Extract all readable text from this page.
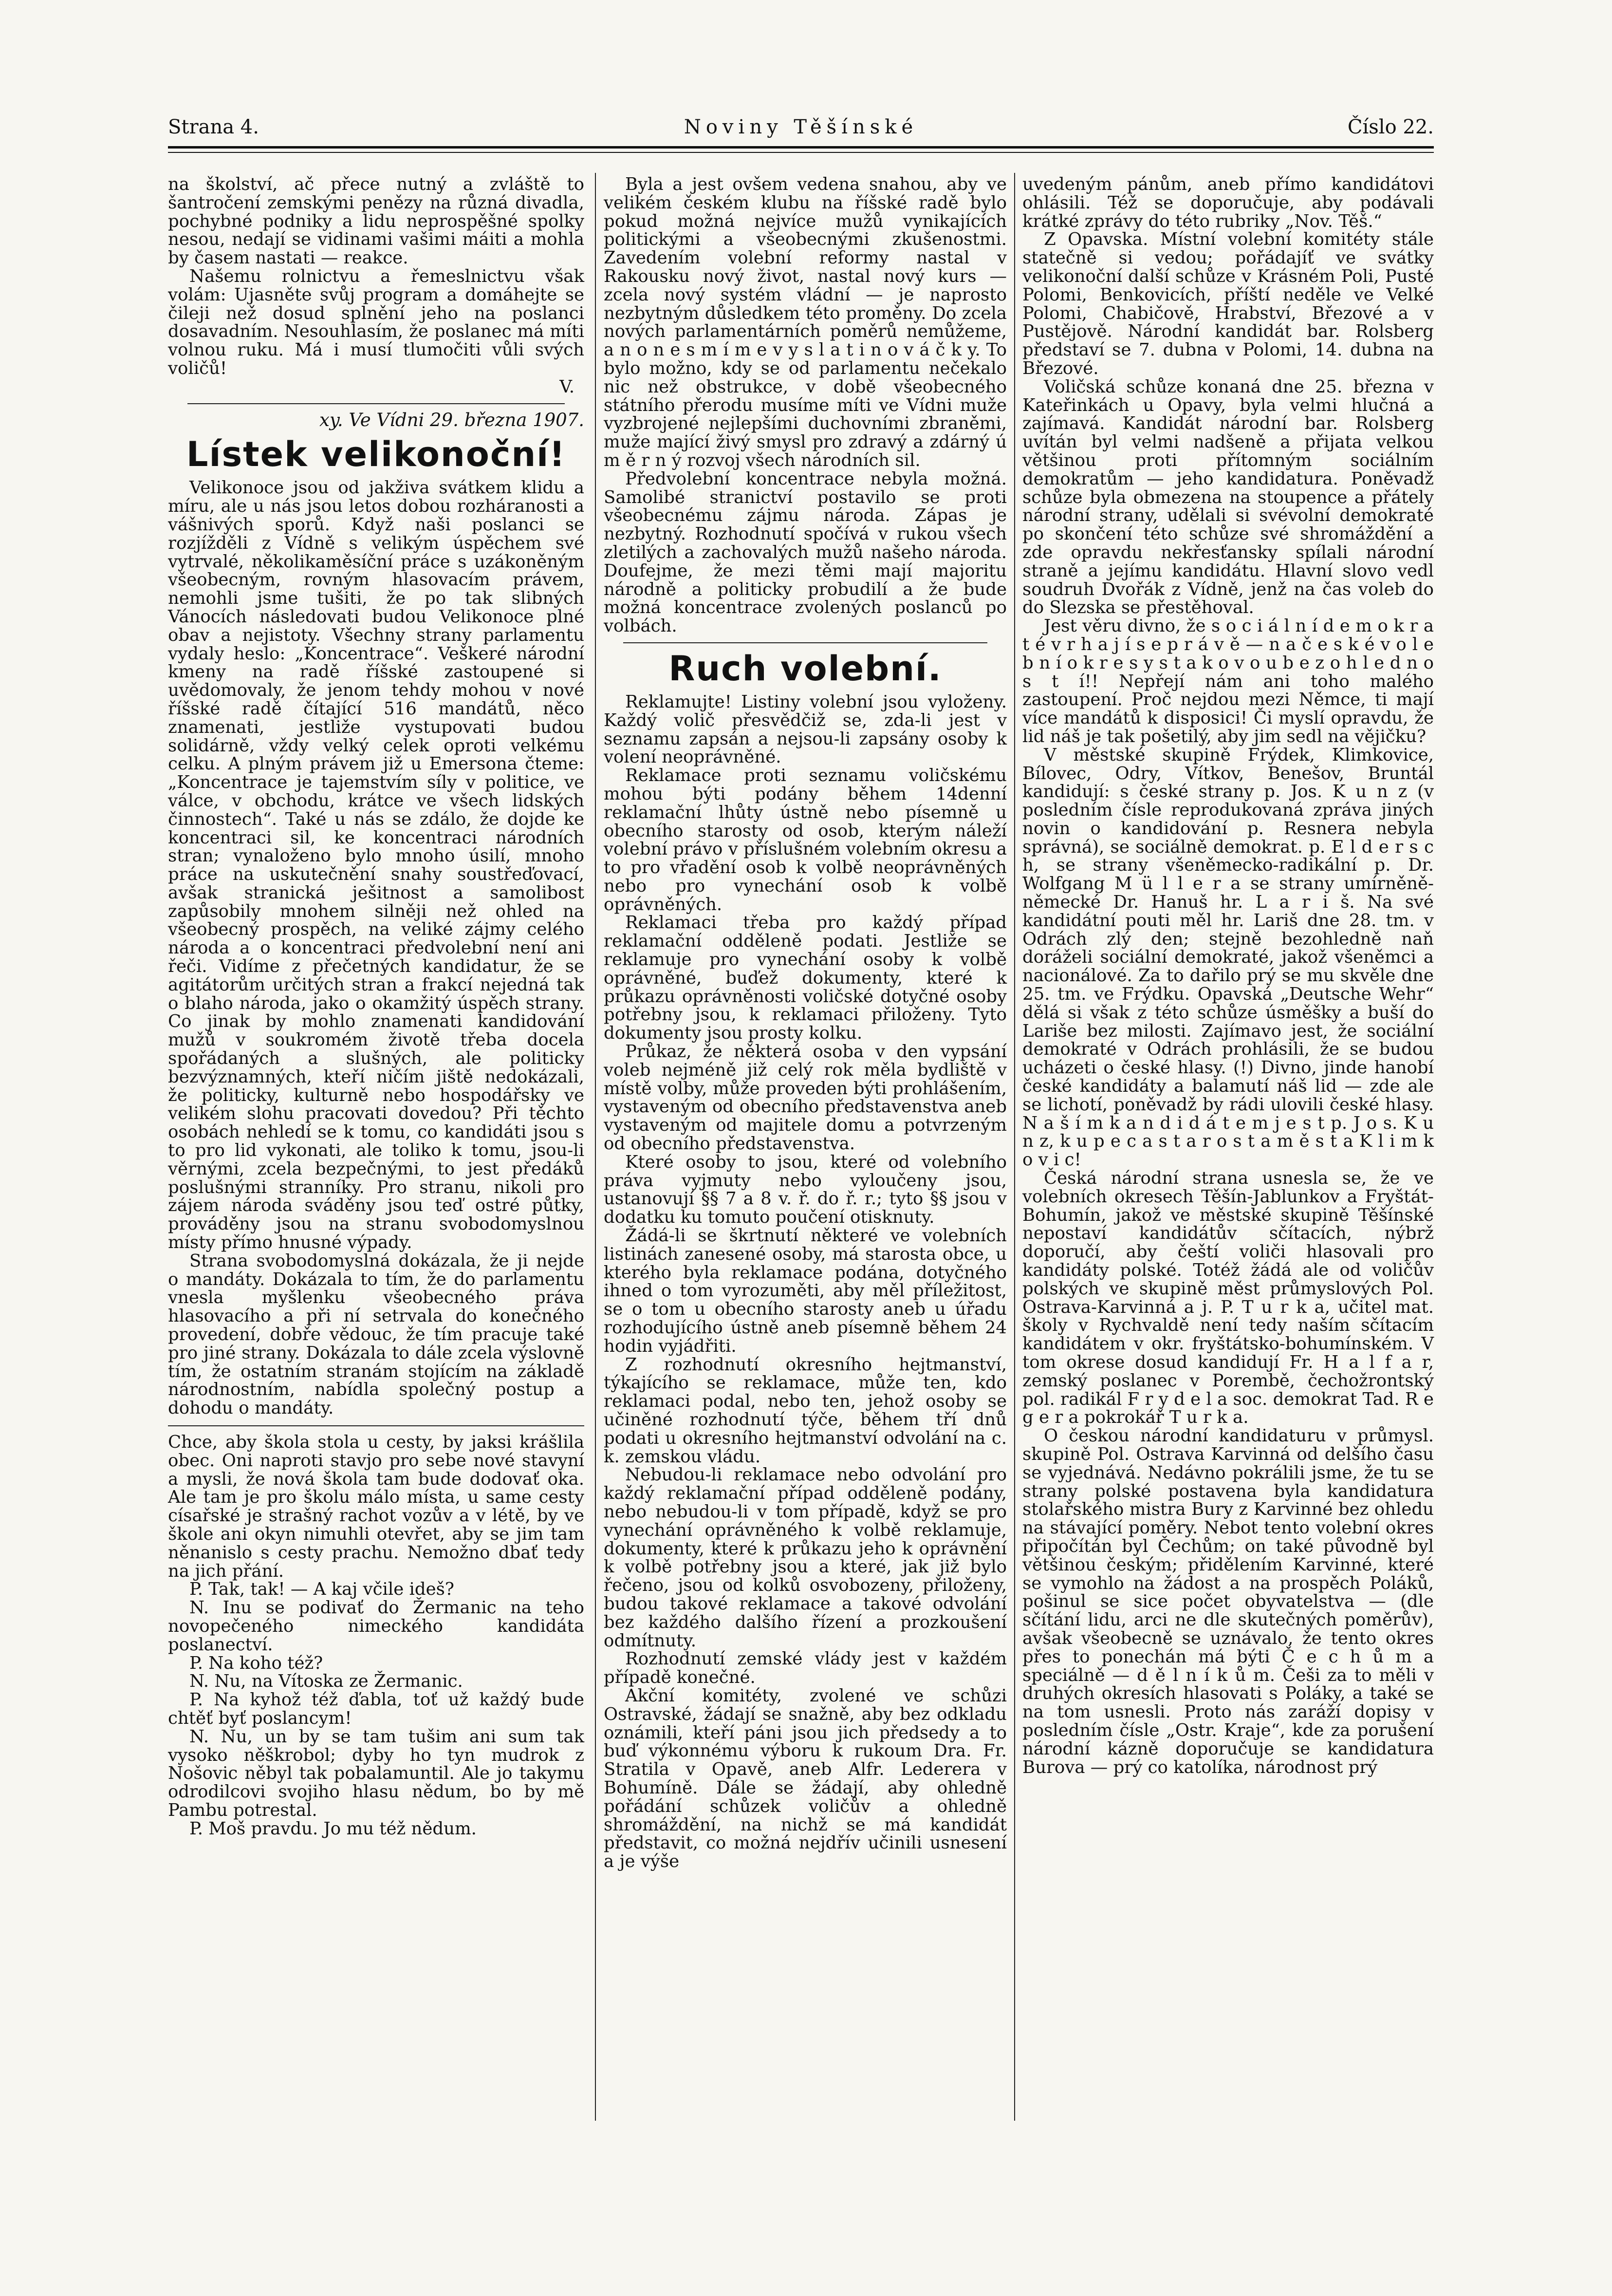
Strana 4.	Noviny Těšínské	Číslo 22.

na školství, ač přece nutný a zvláště to šantročení zemskými penězy na různá divadla, pochybné podniky a lidu neprospěšné spolky nesou, nedají se vidinami vašimi máiti a mohla by časem nastati — reakce.

Našemu rolnictvu a řemeslnictvu však volám: Ujasněte svůj program a domáhejte se čileji než dosud splnění jeho na poslanci dosavadním. Nesouhlasím, že poslanec má míti volnou ruku. Má i musí tlumočiti vůli svých voličů!

V.
xy. Ve Vídni 29. března 1907.
Lístek velikonoční!

Velikonoce jsou od jakživa svátkem klidu a míru, ale u nás jsou letos dobou rozháranosti a vášnivých sporů. Když naši poslanci se rozjížděli z Vídně s velikým úspěchem své vytrvalé, několikaměsíční práce s uzákoněným všeobecným, rovným hlasovacím právem, nemohli jsme tušiti, že po tak slibných Vánocích následovati budou Velikonoce plné obav a nejistoty. Všechny strany parlamentu vydaly heslo: „Koncentrace“. Veškeré národní kmeny na radě říšské zastoupené si uvědomovaly, že jenom tehdy mohou v nové říšské radě čítající 516 mandátů, něco znamenati, jestliže vystupovati budou solidárně, vždy velký celek oproti velkému celku. A plným právem již u Emersona čteme: „Koncentrace je tajemstvím síly v politice, ve válce, v obchodu, krátce ve všech lidských činnostech“. Také u nás se zdálo, že dojde ke koncentraci sil, ke koncentraci národních stran; vynaloženo bylo mnoho úsilí, mnoho práce na uskutečnění snahy soustřeďovací, avšak stranická ješitnost a samolibost zapůsobily mnohem silněji než ohled na všeobecný prospěch, na veliké zájmy celého národa a o koncentraci předvolební není ani řeči. Vidíme z přečetných kandidatur, že se agitátorům určitých stran a frakcí nejedná tak o blaho národa, jako o okamžitý úspěch strany. Co jinak by mohlo znamenati kandidování mužů v soukromém životě třeba docela spořádaných a slušných, ale politicky bezvýznamných, kteří ničím jiště nedokázali, že politicky, kulturně nebo hospodářsky ve velikém slohu pracovati dovedou? Při těchto osobách nehledí se k tomu, co kandidáti jsou s to pro lid vykonati, ale toliko k tomu, jsou-li věrnými, zcela bezpečnými, to jest předáků poslušnými stranníky. Pro stranu, nikoli pro zájem národa sváděny jsou teď ostré půtky, prováděny jsou na stranu svobodomyslnou místy přímo hnusné výpady.

Strana svobodomyslná dokázala, že ji nejde o mandáty. Dokázala to tím, že do parlamentu vnesla myšlenku všeobecného práva hlasovacího a při ní setrvala do konečného provedení, dobře vědouc, že tím pracuje také pro jiné strany. Dokázala to dále zcela výslovně tím, že ostatním stranám stojícím na základě národnostním, nabídla společný postup a dohodu o mandáty.

Chce, aby škola stola u cesty, by jaksi krášlila obec. Oni naproti stavjo pro sebe nové stavyní a mysli, že nová škola tam bude dodovať oka. Ale tam je pro školu málo místa, u same cesty císařské je strašný rachot vozův a v létě, by ve škole ani okyn nimuhli otevřet, aby se jim tam něnanislo s cesty prachu. Nemožno dbať tedy na jich přání.

P. Tak, tak! — A kaj včile ideš?

N. Inu se podivať do Žermanic na teho novopečeného nimeckého kandidáta poslanectví.

P. Na koho též?

N. Nu, na Vítoska ze Žermanic.

P. Na kyhož též ďabla, toť už každý bude chtěť byť poslancym!

N. Nu, un by se tam tušim ani sum tak vysoko něškrobol; dyby ho tyn mudrok z Nošovic něbyl tak pobalamuntil. Ale jo takymu odrodilcovi svojiho hlasu nědum, bo by mě Pambu potrestal.

P. Moš pravdu. Jo mu též nědum.

Byla a jest ovšem vedena snahou, aby ve velikém českém klubu na říšské radě bylo pokud možná nejvíce mužů vynikajících politickými a všeobecnými zkušenostmi. Zavedením volební reformy nastal v Rakousku nový život, nastal nový kurs — zcela nový systém vládní — je naprosto nezbytným důsledkem této proměny. Do zcela nových parlamentárních poměrů nemůžeme, a n o n e s m í m e v y s l a t i n o v á č k y. To bylo možno, kdy se od parlamentu nečekalo nic než obstrukce, v době všeobecného státního přerodu musíme míti ve Vídni muže vyzbrojené nejlepšími duchovními zbraněmi, muže mající živý smysl pro zdravý a zdárný ú m ě r n ý rozvoj všech národních sil.

Předvolební koncentrace nebyla možná. Samolibé stranictví postavilo se proti všeobecnému zájmu národa. Zápas je nezbytný. Rozhodnutí spočívá v rukou všech zletilých a zachovalých mužů našeho národa. Doufejme, že mezi těmi mají majoritu národně a politicky probudilí a že bude možná koncentrace zvolených poslanců po volbách.

Ruch volební.

Reklamujte! Listiny volební jsou vyloženy. Každý volič přesvědčiž se, zda-li jest v seznamu zapsán a nejsou-li zapsány osoby k volení neoprávněné.

Reklamace proti seznamu voličskému mohou býti podány během 14denní reklamační lhůty ústně nebo písemně u obecního starosty od osob, kterým náleží volební právo v příslušném volebním okresu a to pro vřadění osob k volbě neoprávněných nebo pro vynechání osob k volbě oprávněných.

Reklamaci třeba pro každý případ reklamační odděleně podati. Jestliže se reklamuje pro vynechání osoby k volbě oprávněné, buďež dokumenty, které k průkazu oprávněnosti voličské dotyčné osoby potřebny jsou, k reklamaci přiloženy. Tyto dokumenty jsou prosty kolku.

Průkaz, že některá osoba v den vypsání voleb nejméně již celý rok měla bydliště v místě volby, může proveden býti prohlášením, vystaveným od obecního představenstva aneb vystaveným od majitele domu a potvrzeným od obecního představenstva.

Které osoby to jsou, které od volebního práva vyjmuty nebo vyloučeny jsou, ustanovují §§ 7 a 8 v. ř. do ř. r.; tyto §§ jsou v dodatku ku tomuto poučení otisknuty.

Žádá-li se škrtnutí některé ve volebních listinách zanesené osoby, má starosta obce, u kterého byla reklamace podána, dotyčného ihned o tom vyrozuměti, aby měl příležitost, se o tom u obecního starosty aneb u úřadu rozhodujícího ústně aneb písemně během 24 hodin vyjádřiti.

Z rozhodnutí okresního hejtmanství, týkajícího se reklamace, může ten, kdo reklamaci podal, nebo ten, jehož osoby se učiněné rozhodnutí týče, během tří dnů podati u okresního hejtmanství odvolání na c. k. zemskou vládu.

Nebudou-li reklamace nebo odvolání pro každý reklamační případ odděleně podány, nebo nebudou-li v tom případě, když se pro vynechání oprávněného k volbě reklamuje, dokumenty, které k průkazu jeho k oprávnění k volbě potřebny jsou a které, jak již bylo řečeno, jsou od kolků osvobozeny, přiloženy, budou takové reklamace a takové odvolání bez každého dalšího řízení a prozkoušení odmítnuty.

Rozhodnutí zemské vlády jest v každém případě konečné.

Akční komitéty, zvolené ve schůzi Ostravské, žádají se snažně, aby bez odkladu oznámili, kteří páni jsou jich předsedy a to buď výkonnému výboru k rukoum Dra. Fr. Stratila v Opavě, aneb Alfr. Lederera v Bohumíně. Dále se žádají, aby ohledně pořádání schůzek voličův a ohledně shromáždění, na nichž se má kandidát představit, co možná nejdřív učinili usnesení a je výše

uvedeným pánům, aneb přímo kandidátovi ohlásili. Též se doporučuje, aby podávali krátké zprávy do této rubriky „Nov. Těš.“

Z Opavska. Místní volební komitéty stále statečně si vedou; pořádajíť ve svátky velikonoční další schůze v Krásném Poli, Pusté Polomi, Benkovicích, příští neděle ve Velké Polomi, Chabičově, Hrabství, Březové a v Pustějově. Národní kandidát bar. Rolsberg představí se 7. dubna v Polomi, 14. dubna na Březové.

Voličská schůze konaná dne 25. března v Kateřinkách u Opavy, byla velmi hlučná a zajímavá. Kandidát národní bar. Rolsberg uvítán byl velmi nadšeně a přijata velkou většinou proti přítomným sociálním demokratům — jeho kandidatura. Poněvadž schůze byla obmezena na stoupence a přátely národní strany, udělali si svévolní demokraté po skončení této schůze své shromáždění a zde opravdu nekřesťansky spílali národní straně a jejímu kandidátu. Hlavní slovo vedl soudruh Dvořák z Vídně, jenž na čas voleb do do Slezska se přestěhoval.

Jest věru divno, že s o c i á l n í d e m o k r a t é v r h a j í s e p r á v ě — n a č e s k é v o l e b n í o k r e s y s t a k o v o u b e z o h l e d n o s t í!! Nepřejí nám ani toho malého zastoupení. Proč nejdou mezi Němce, ti mají více mandátů k disposici! Či myslí opravdu, že lid náš je tak pošetilý, aby jim sedl na vějičku?

V městské skupině Frýdek, Klimkovice, Bílovec, Odry, Vítkov, Benešov, Bruntál kandidují: s české strany p. Jos. K u n z (v posledním čísle reprodukovaná zpráva jiných novin o kandidování p. Resnera nebyla správná), se sociálně demokrat. p. E l d e r s c h, se strany všeněmecko-radikální p. Dr. Wolfgang M ü l l e r a se strany umírněně-německé Dr. Hanuš hr. L a r i š. Na své kandidátní pouti měl hr. Lariš dne 28. tm. v Odrách zlý den; stejně bezohledně naň doráželi sociální demokraté, jakož všeněmci a nacionálové. Za to dařilo prý se mu skvěle dne 25. tm. ve Frýdku. Opavská „Deutsche Wehr“ dělá si však z této schůze úsměšky a buší do Lariše bez milosti. Zajímavo jest, že sociální demokraté v Odrách prohlásili, že se budou ucházeti o české hlasy. (!) Divno, jinde hanobí české kandidáty a balamutí náš lid — zde ale se lichotí, poněvadž by rádi ulovili české hlasy. N a š í m k a n d i d á t e m j e s t p. J o s. K u n z, k u p e c a s t a r o s t a m ě s t a K l i m k o v i c!

Česká národní strana usnesla se, že ve volebních okresech Těšín-Jablunkov a Fryštát-Bohumín, jakož ve městské skupině Těšínské nepostaví kandidátův sčítacích, nýbrž doporučí, aby čeští voliči hlasovali pro kandidáty polské. Totéž žádá ale od voličův polských ve skupině měst průmyslových Pol. Ostrava-Karvinná a j. P. T u r k a, učitel mat. školy v Rychvaldě není tedy naším sčítacím kandidátem v okr. fryštátsko-bohumínském. V tom okrese dosud kandidují Fr. H a l f a r, zemský poslanec v Porembě, čechožrontský pol. radikál F r y d e l a soc. demokrat Tad. R e g e r a pokrokář T u r k a.

O českou národní kandidaturu v průmysl. skupině Pol. Ostrava Karvinná od delšího času se vyjednává. Nedávno pokrálili jsme, že tu se strany polské postavena byla kandidatura stolařského mistra Bury z Karvinné bez ohledu na stávající poměry. Nebot tento volební okres připočítán byl Čechům; on také původně byl většinou českým; přidělením Karvinné, které se vymohlo na žádost a na prospěch Poláků, pošinul se sice počet obyvatelstva — (dle sčítání lidu, arci ne dle skutečných poměrův), avšak všeobecně se uznávalo, že tento okres přes to ponechán má býti Č e c h ů m a speciálně — d ě l n í k ů m. Češi za to měli v druhých okresích hlasovati s Poláky, a také se na tom usnesli. Proto nás zaráží dopisy v posledním čísle „Ostr. Kraje“, kde za porušení národní kázně doporučuje se kandidatura Burova — prý co katolíka, národnost prý
